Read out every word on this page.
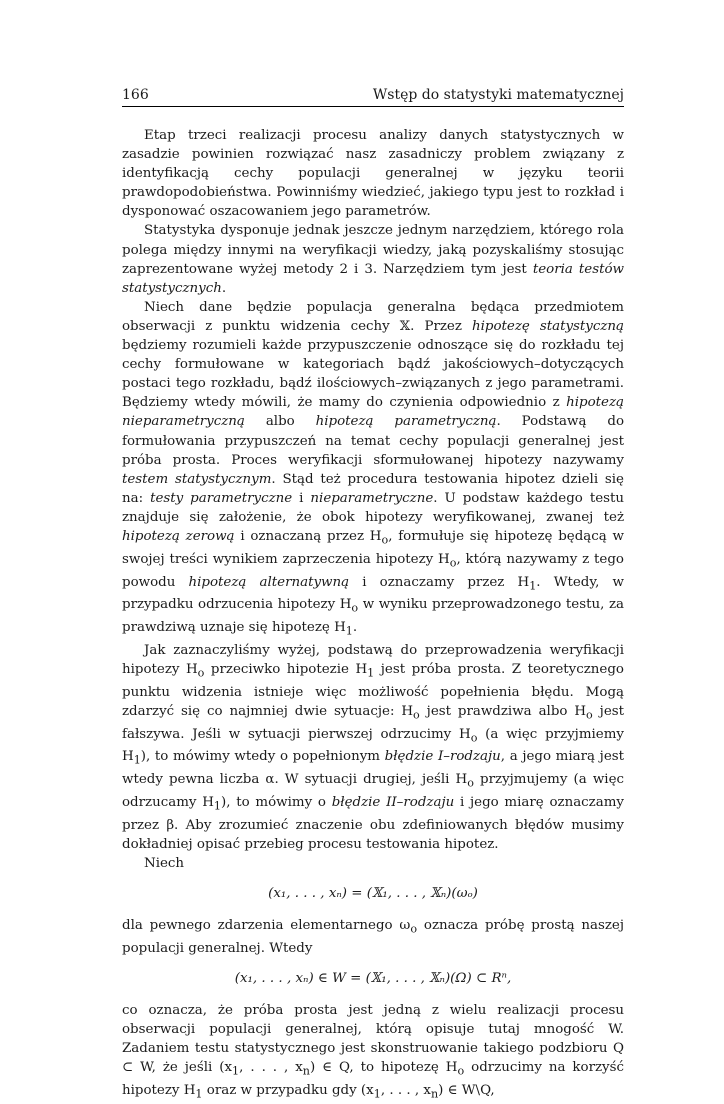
166	Wstęp do statystyki matematycznej

Etap trzeci realizacji procesu analizy danych statystycznych w zasadzie powinien rozwiązać nasz zasadniczy problem związany z identyfikacją cechy populacji generalnej w języku teorii prawdopodobieństwa. Powinniśmy wiedzieć, jakiego typu jest to rozkład i dysponować oszacowaniem jego parametrów.

Statystyka dysponuje jednak jeszcze jednym narzędziem, którego rola polega między innymi na weryfikacji wiedzy, jaką pozyskaliśmy stosując zaprezentowane wyżej metody 2 i 3. Narzędziem tym jest teoria testów statystycznych.

Niech dane będzie populacja generalna będąca przedmiotem obserwacji z punktu widzenia cechy 𝕏. Przez hipotezę statystyczną będziemy rozumieli każde przypuszczenie odnoszące się do rozkładu tej cechy formułowane w kategoriach bądź jakościowych–dotyczących postaci tego rozkładu, bądź ilościowych–związanych z jego parametrami. Będziemy wtedy mówili, że mamy do czynienia odpowiednio z hipotezą nieparametryczną albo hipotezą parametryczną. Podstawą do formułowania przypuszczeń na temat cechy populacji generalnej jest próba prosta. Proces weryfikacji sformułowanej hipotezy nazywamy testem statystycznym. Stąd też procedura testowania hipotez dzieli się na: testy parametryczne i nieparametryczne. U podstaw każdego testu znajduje się założenie, że obok hipotezy weryfikowanej, zwanej też hipotezą zerową i oznaczaną przez $H_o$, formułuje się hipotezę będącą w swojej treści wynikiem zaprzeczenia hipotezy $H_o$, którą nazywamy z tego powodu hipotezą alternatywną i oznaczamy przez $H_1$. Wtedy, w przypadku odrzucenia hipotezy $H_o$ w wyniku przeprowadzonego testu, za prawdziwą uznaje się hipotezę $H_1$.

Jak zaznaczyliśmy wyżej, podstawą do przeprowadzenia weryfikacji hipotezy $H_o$ przeciwko hipotezie $H_1$ jest próba prosta. Z teoretycznego punktu widzenia istnieje więc możliwość popełnienia błędu. Mogą zdarzyć się co najmniej dwie sytuacje: $H_o$ jest prawdziwa albo $H_o$ jest fałszywa. Jeśli w sytuacji pierwszej odrzucimy $H_o$ (a więc przyjmiemy $H_1$), to mówimy wtedy o popełnionym błędzie I–rodzaju, a jego miarą jest wtedy pewna liczba α. W sytuacji drugiej, jeśli $H_o$ przyjmujemy (a więc odrzucamy $H_1$), to mówimy o błędzie II–rodzaju i jego miarę oznaczamy przez β. Aby zrozumieć znaczenie obu zdefiniowanych błędów musimy dokładniej opisać przebieg procesu testowania hipotez.

Niech

(x₁, . . . , xₙ) = (𝕏₁, . . . , 𝕏ₙ)(ωₒ)

dla pewnego zdarzenia elementarnego $\omega_o$ oznacza próbę prostą naszej populacji generalnej. Wtedy

(x₁, . . . , xₙ) ∈ W = (𝕏₁, . . . , 𝕏ₙ)(Ω) ⊂ Rⁿ,

co oznacza, że próba prosta jest jedną z wielu realizacji procesu obserwacji populacji generalnej, którą opisuje tutaj mnogość W. Zadaniem testu statystycznego jest skonstruowanie takiego podzbioru Q ⊂ W, że jeśli ($x_1$, . . . , $x_n$) ∈ Q, to hipotezę $H_o$ odrzucimy na korzyść hipotezy $H_1$ oraz w przypadku gdy ($x_1$, . . . , $x_n$) ∈ W\Q,
